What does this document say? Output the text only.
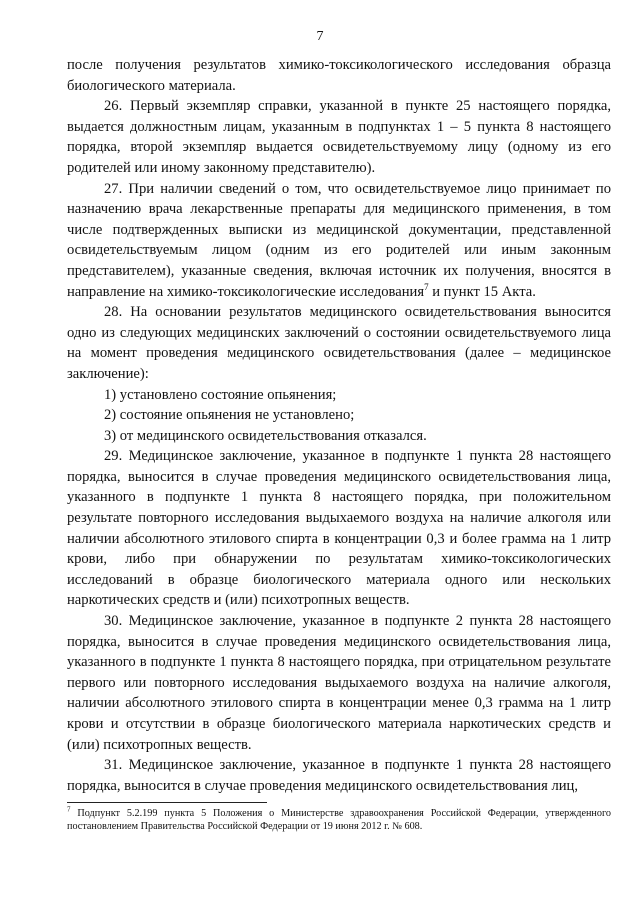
7

после получения результатов химико-токсикологического исследования образца биологического материала.

26. Первый экземпляр справки, указанной в пункте 25 настоящего порядка, выдается должностным лицам, указанным в подпунктах 1 – 5 пункта 8 настоящего порядка, второй экземпляр выдается освидетельствуемому лицу (одному из его родителей или иному законному представителю).

27. При наличии сведений о том, что освидетельствуемое лицо принимает по назначению врача лекарственные препараты для медицинского применения, в том числе подтвержденных выписки из медицинской документации, представленной освидетельствуемым лицом (одним из его родителей или иным законным представителем), указанные сведения, включая источник их получения, вносятся в направление на химико-токсикологические исследования$^7$ и пункт 15 Акта.

28. На основании результатов медицинского освидетельствования выносится одно из следующих медицинских заключений о состоянии освидетельствуемого лица на момент проведения медицинского освидетельствования (далее – медицинское заключение):

1) установлено состояние опьянения;

2) состояние опьянения не установлено;

3) от медицинского освидетельствования отказался.

29. Медицинское заключение, указанное в подпункте 1 пункта 28 настоящего порядка, выносится в случае проведения медицинского освидетельствования лица, указанного в подпункте 1 пункта 8 настоящего порядка, при положительном результате повторного исследования выдыхаемого воздуха на наличие алкоголя или наличии абсолютного этилового спирта в концентрации 0,3 и более грамма на 1 литр крови, либо при обнаружении по результатам химико-токсикологических исследований в образце биологического материала одного или нескольких наркотических средств и (или) психотропных веществ.

30. Медицинское заключение, указанное в подпункте 2 пункта 28 настоящего порядка, выносится в случае проведения медицинского освидетельствования лица, указанного в подпункте 1 пункта 8 настоящего порядка, при отрицательном результате первого или повторного исследования выдыхаемого воздуха на наличие алкоголя, наличии абсолютного этилового спирта в концентрации менее 0,3 грамма на 1 литр крови и отсутствии в образце биологического материала наркотических средств и (или) психотропных веществ.

31. Медицинское заключение, указанное в подпункте 1 пункта 28 настоящего порядка, выносится в случае проведения медицинского освидетельствования лиц,

$^7$ Подпункт 5.2.199 пункта 5 Положения о Министерстве здравоохранения Российской Федерации, утвержденного постановлением Правительства Российской Федерации от 19 июня 2012 г. № 608.
